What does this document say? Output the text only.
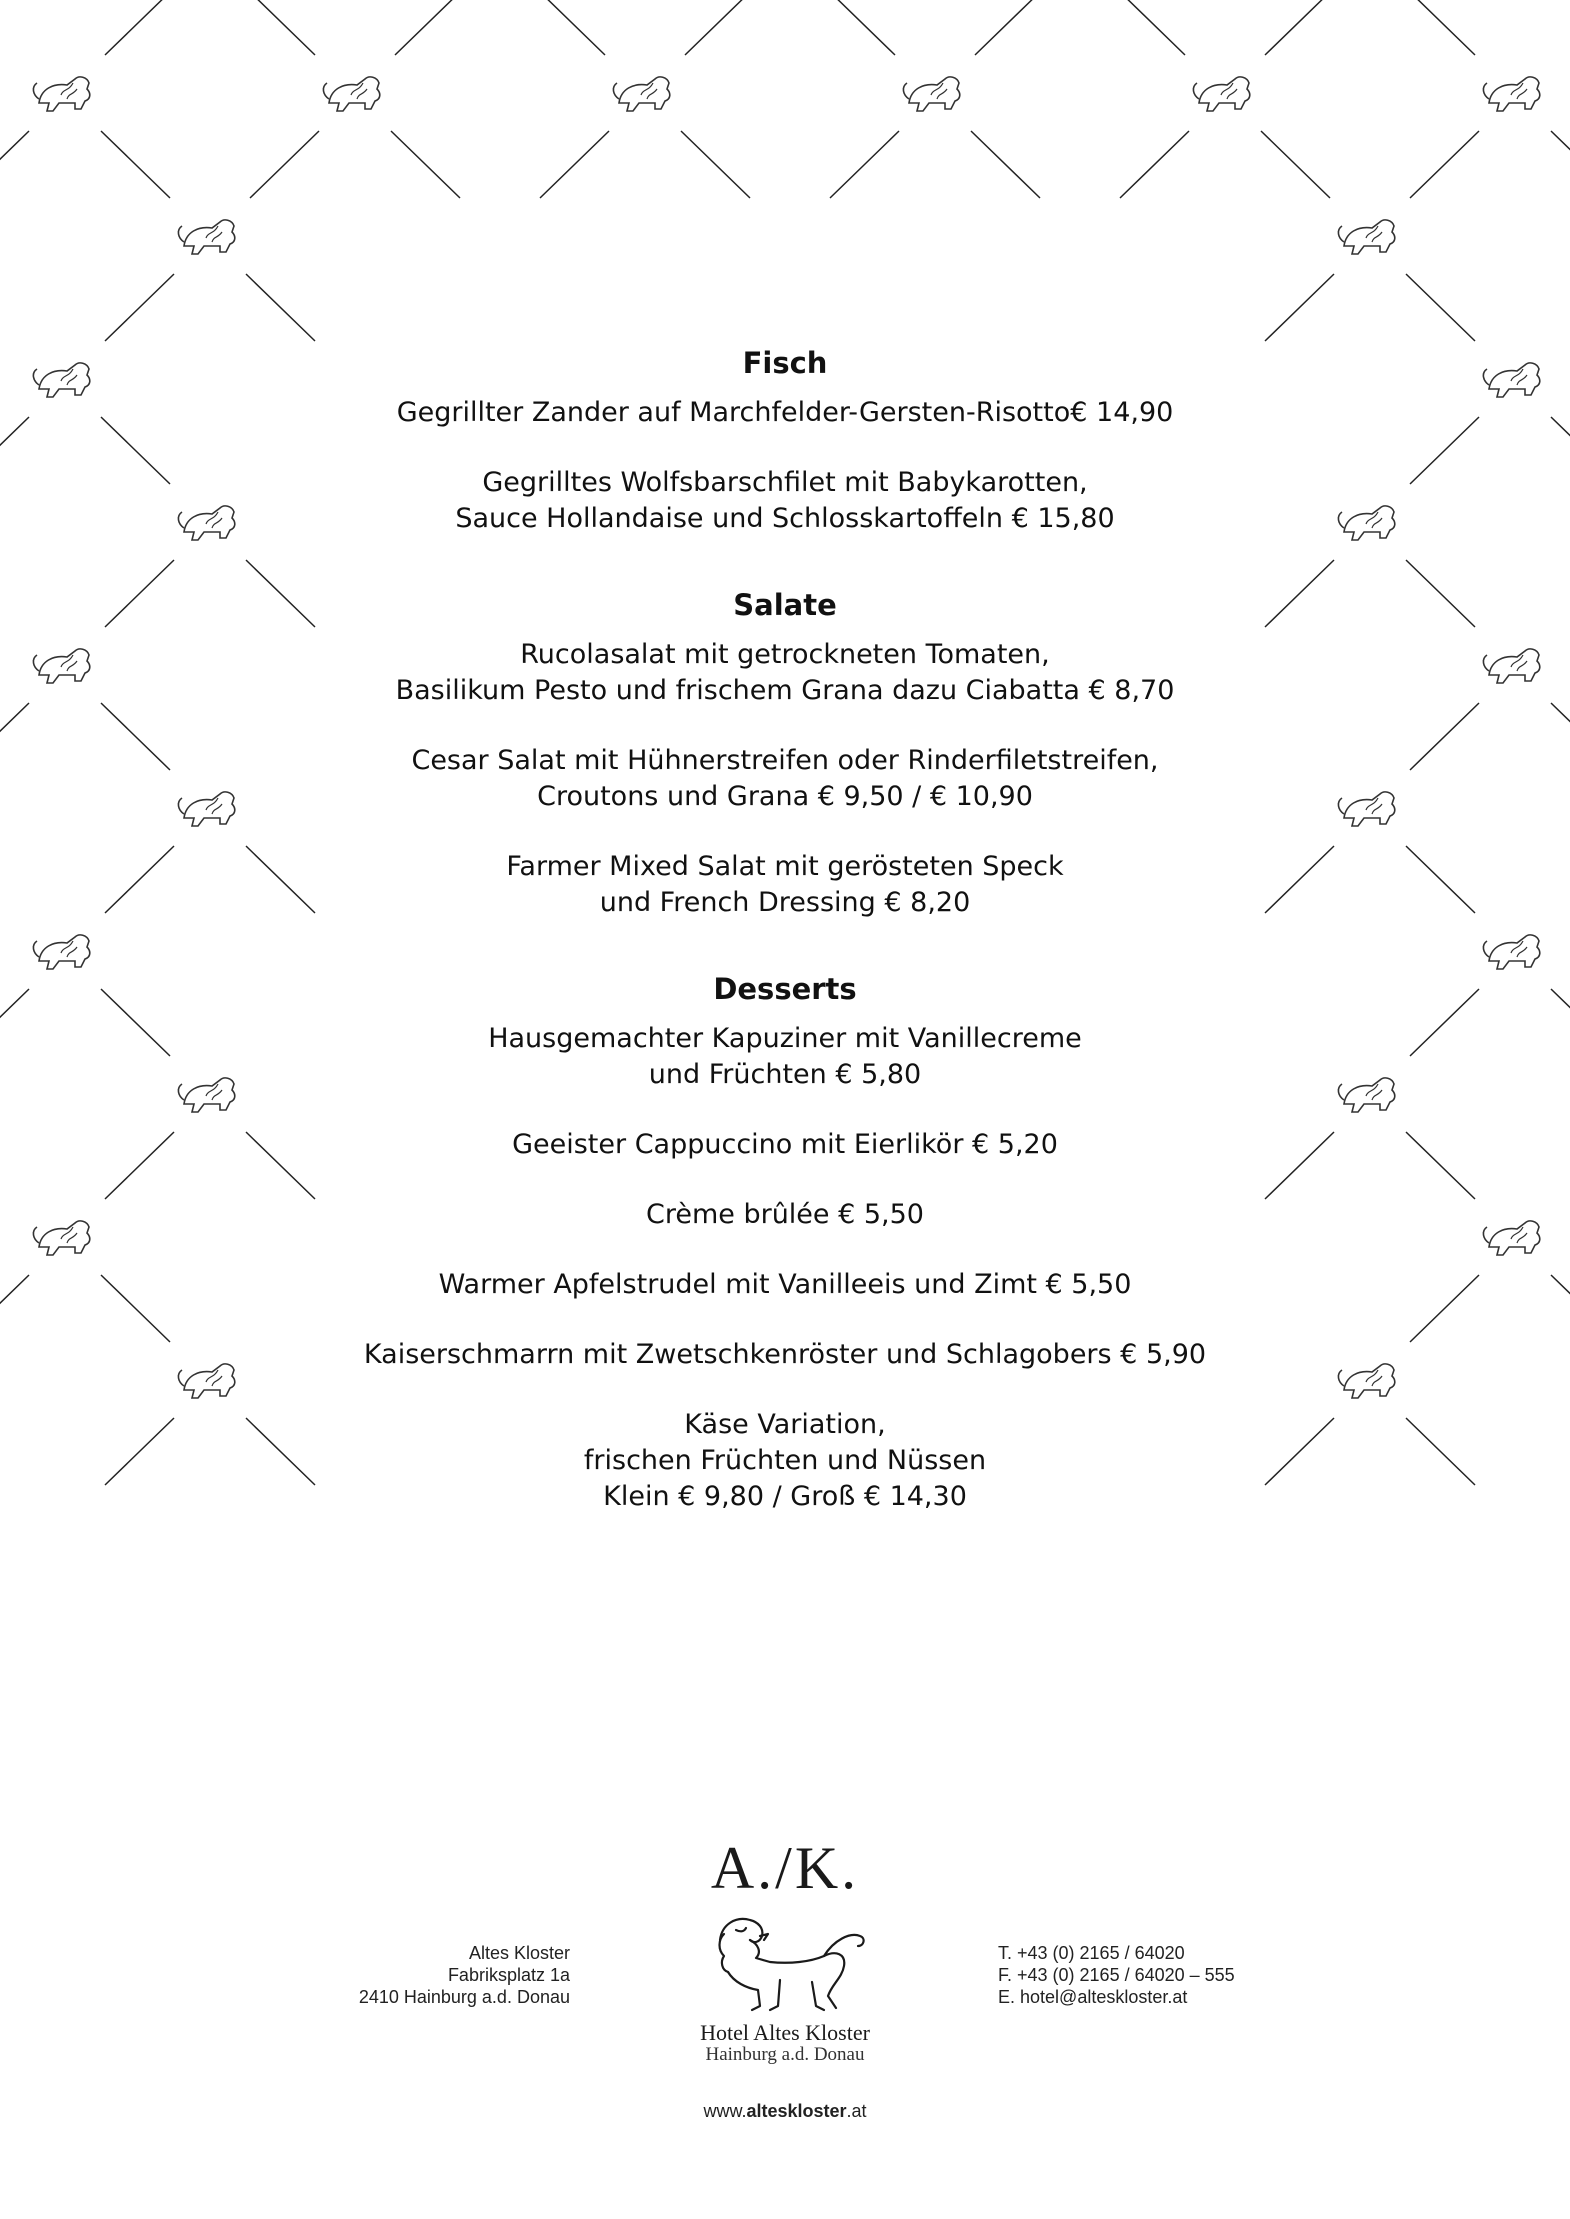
Fisch
Gegrillter Zander auf Marchfelder-Gersten-Risotto€ 14,90
Gegrilltes Wolfsbarschfilet mit Babykarotten,
Sauce Hollandaise und Schlosskartoffeln € 15,80
Salate
Rucolasalat mit getrockneten Tomaten,
Basilikum Pesto und frischem Grana dazu Ciabatta € 8,70
Cesar Salat mit Hühnerstreifen oder Rinderfiletstreifen,
Croutons und Grana € 9,50 / € 10,90
Farmer Mixed Salat mit gerösteten Speck
und French Dressing € 8,20
Desserts
Hausgemachter Kapuziner mit Vanillecreme
und Früchten € 5,80
Geeister Cappuccino mit Eierlikör € 5,20
Crème brûlée € 5,50
Warmer Apfelstrudel mit Vanilleeis und Zimt € 5,50
Kaiserschmarrn mit Zwetschkenröster und Schlagobers € 5,90
Käse Variation,
frischen Früchten und Nüssen
Klein € 9,80 / Groß € 14,30
A./K.
Altes Kloster
Fabriksplatz 1a
2410 Hainburg a.d. Donau
T. +43 (0) 2165 / 64020
F. +43 (0) 2165 / 64020 – 555
E. hotel@alteskloster.at
Hotel Altes Kloster
Hainburg a.d. Donau
www.alteskloster.at
